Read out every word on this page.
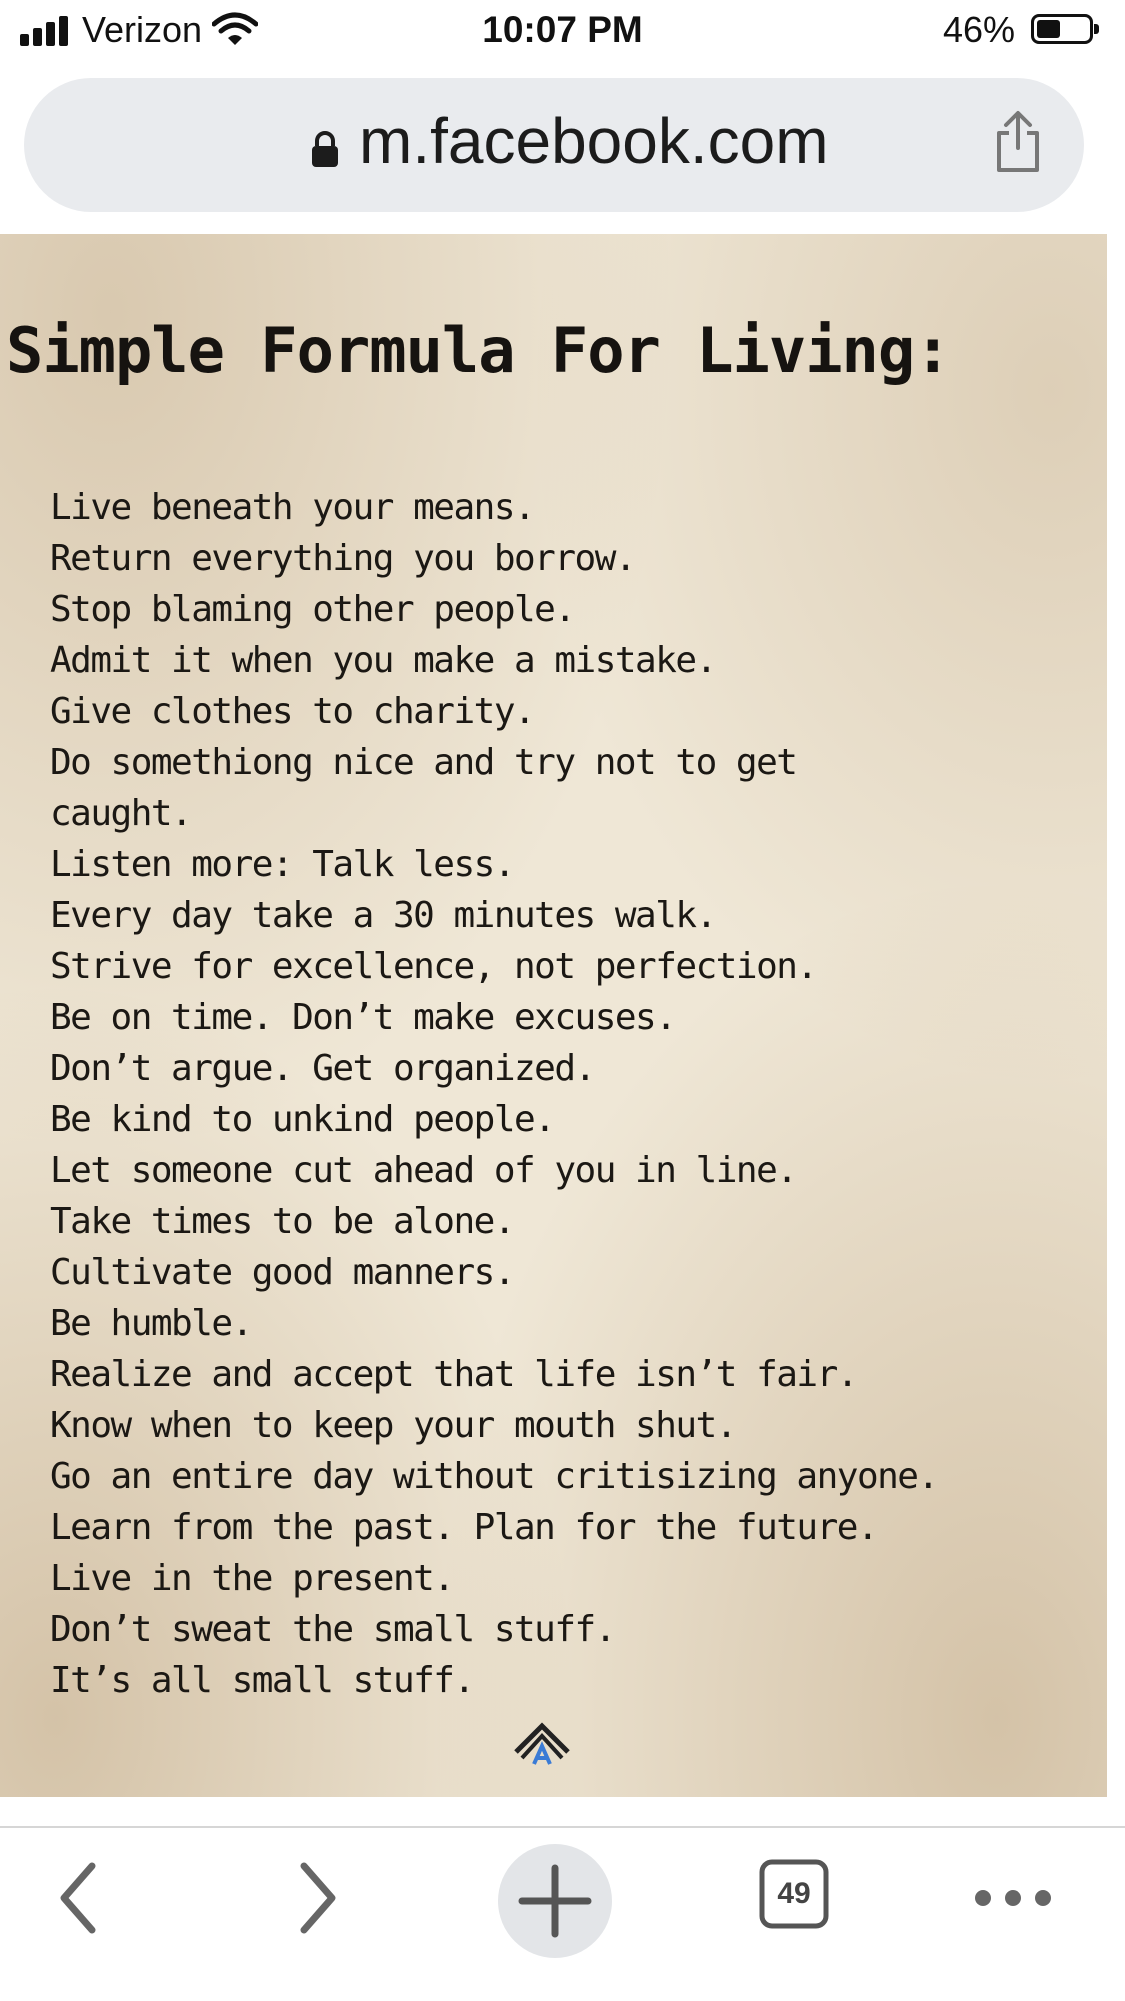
Verizon	10:07 PM	46%
m.facebook.com
Simple Formula For Living:
Live beneath your means.
Return everything you borrow.
Stop blaming other people.
Admit it when you make a mistake.
Give clothes to charity.
Do somethiong nice and try not to get
caught.
Listen more: Talk less.
Every day take a 30 minutes walk.
Strive for excellence, not perfection.
Be on time. Don’t make excuses.
Don’t argue. Get organized.
Be kind to unkind people.
Let someone cut ahead of you in line.
Take times to be alone.
Cultivate good manners.
Be humble.
Realize and accept that life isn’t fair.
Know when to keep your mouth shut.
Go an entire day without critisizing anyone.
Learn from the past. Plan for the future.
Live in the present.
Don’t sweat the small stuff.
It’s all small stuff.
49
